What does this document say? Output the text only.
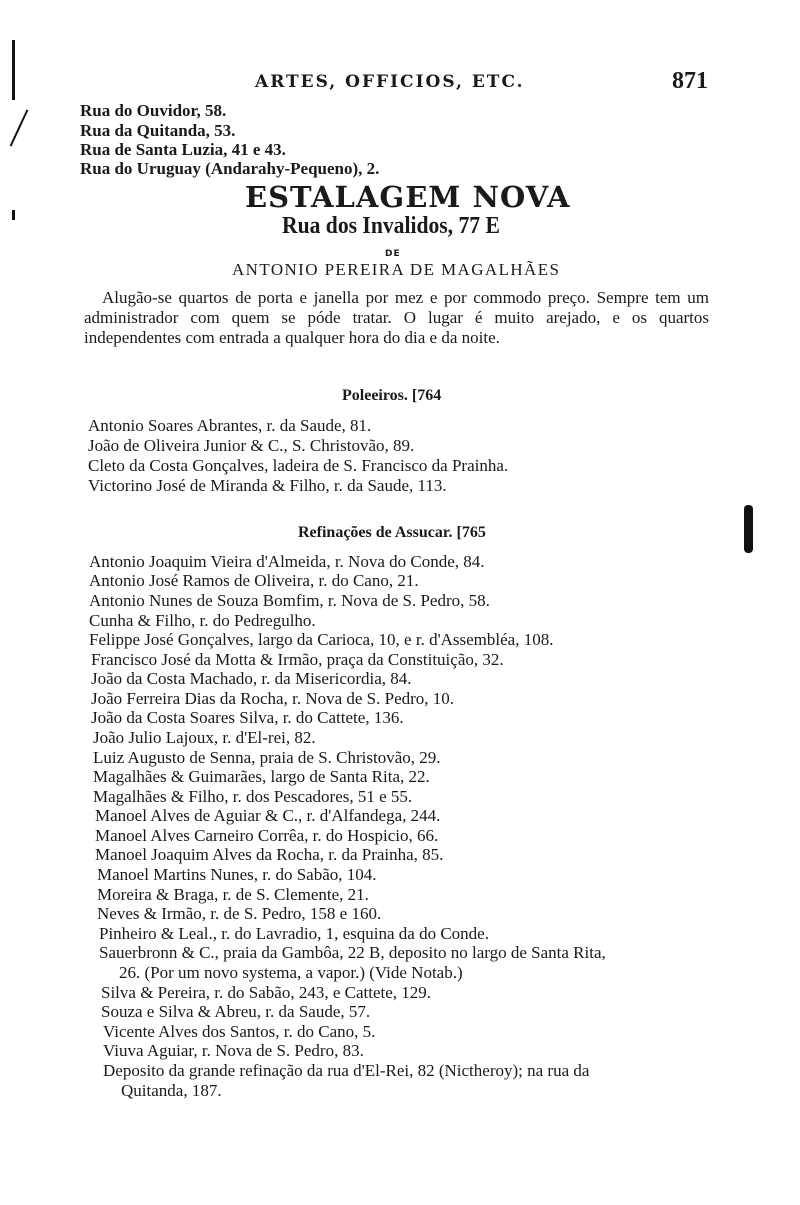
ARTES, OFFICIOS, ETC.	871
Rua do Ouvidor, 58.
Rua da Quitanda, 53.
Rua de Santa Luzia, 41 e 43.
Rua do Uruguay (Andarahy-Pequeno), 2.
ESTALAGEM NOVA
Rua dos Invalidos, 77 E
DE
ANTONIO PEREIRA DE MAGALHÃES
Alugão-se quartos de porta e janella por mez e por commodo preço. Sempre tem um administrador com quem se póde tratar. O lugar é muito arejado, e os quartos independentes com entrada a qualquer hora do dia e da noite.
Poleeiros. [764
Antonio Soares Abrantes, r. da Saude, 81.
João de Oliveira Junior & C., S. Christovão, 89.
Cleto da Costa Gonçalves, ladeira de S. Francisco da Prainha.
Victorino José de Miranda & Filho, r. da Saude, 113.
Refinações de Assucar. [765
Antonio Joaquim Vieira d'Almeida, r. Nova do Conde, 84.
Antonio José Ramos de Oliveira, r. do Cano, 21.
Antonio Nunes de Souza Bomfim, r. Nova de S. Pedro, 58.
Cunha & Filho, r. do Pedregulho.
Felippe José Gonçalves, largo da Carioca, 10, e r. d'Assembléa, 108.
Francisco José da Motta & Irmão, praça da Constituição, 32.
João da Costa Machado, r. da Misericordia, 84.
João Ferreira Dias da Rocha, r. Nova de S. Pedro, 10.
João da Costa Soares Silva, r. do Cattete, 136.
João Julio Lajoux, r. d'El-rei, 82.
Luiz Augusto de Senna, praia de S. Christovão, 29.
Magalhães & Guimarães, largo de Santa Rita, 22.
Magalhães & Filho, r. dos Pescadores, 51 e 55.
Manoel Alves de Aguiar & C., r. d'Alfandega, 244.
Manoel Alves Carneiro Corrêa, r. do Hospicio, 66.
Manoel Joaquim Alves da Rocha, r. da Prainha, 85.
Manoel Martins Nunes, r. do Sabão, 104.
Moreira & Braga, r. de S. Clemente, 21.
Neves & Irmão, r. de S. Pedro, 158 e 160.
Pinheiro & Leal., r. do Lavradio, 1, esquina da do Conde.
Sauerbronn & C., praia da Gambôa, 22 B, deposito no largo de Santa Rita,
26. (Por um novo systema, a vapor.) (Vide Notab.)
Silva & Pereira, r. do Sabão, 243, e Cattete, 129.
Souza e Silva & Abreu, r. da Saude, 57.
Vicente Alves dos Santos, r. do Cano, 5.
Viuva Aguiar, r. Nova de S. Pedro, 83.
Deposito da grande refinação da rua d'El-Rei, 82 (Nictheroy); na rua da
Quitanda, 187.
